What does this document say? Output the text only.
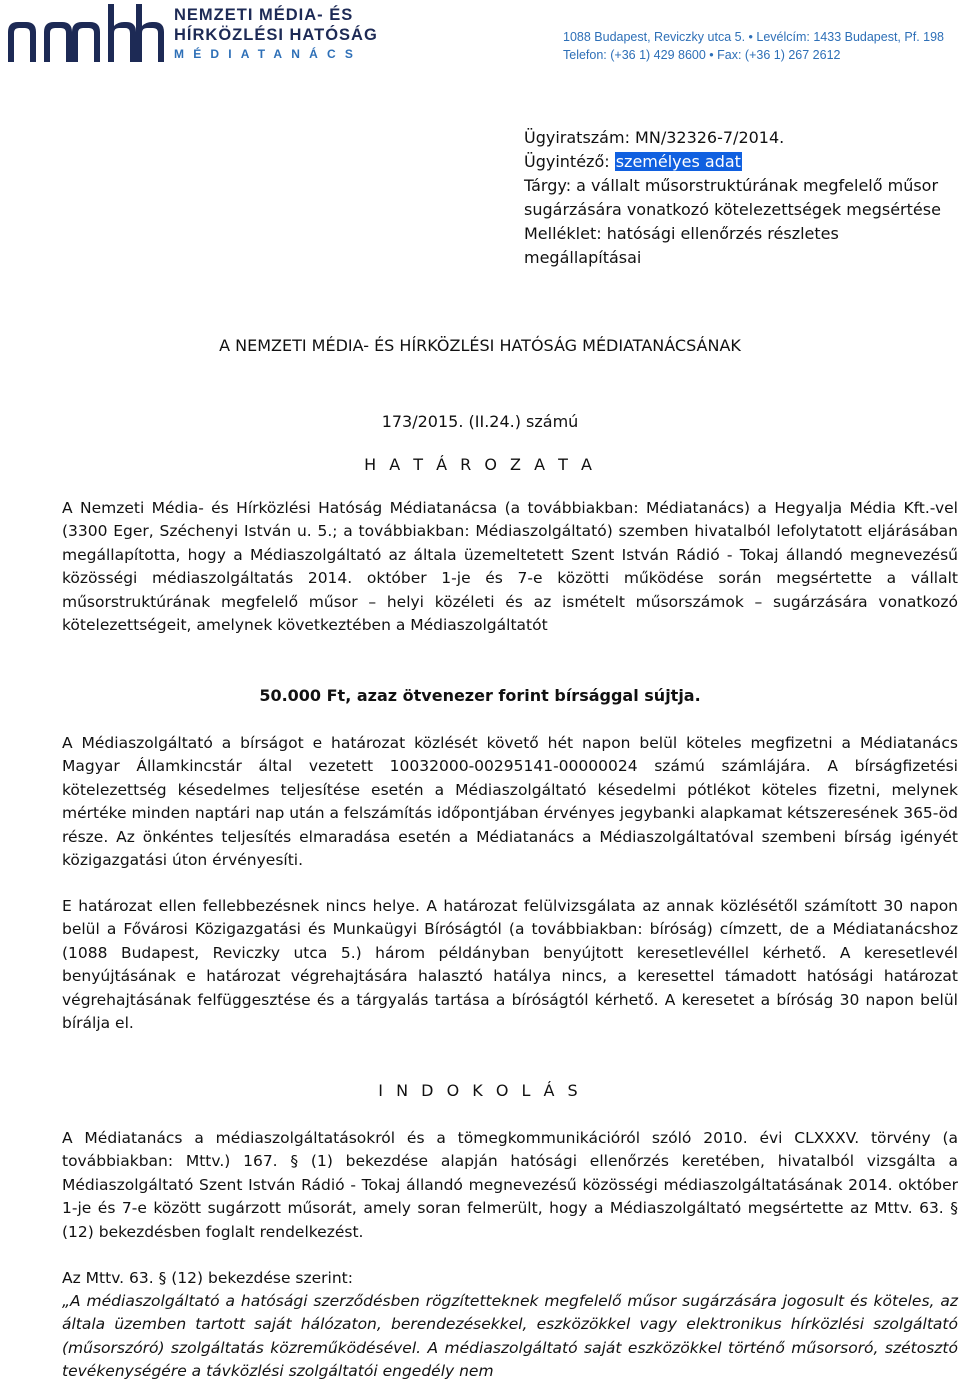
NEMZETI MÉDIA- ÉS
HÍRKÖZLÉSI HATÓSÁG
MÉDIATANÁCS
1088 Budapest, Reviczky utca 5. • Levélcím: 1433 Budapest, Pf. 198
Telefon: (+36 1) 429 8600 • Fax: (+36 1) 267 2612
Ügyiratszám: MN/32326-7/2014.
Ügyintéző: személyes adat
Tárgy: a vállalt műsorstruktúrának megfelelő műsor sugárzására vonatkozó kötelezettségek megsértése
Melléklet: hatósági ellenőrzés részletes megállapításai
A NEMZETI MÉDIA- ÉS HÍRKÖZLÉSI HATÓSÁG MÉDIATANÁCSÁNAK
173/2015. (II.24.) számú
H A T Á R O Z A T A
A Nemzeti Média- és Hírközlési Hatóság Médiatanácsa (a továbbiakban: Médiatanács) a Hegyalja Média Kft.-vel (3300 Eger, Széchenyi István u. 5.; a továbbiakban: Médiaszolgáltató) szemben hivatalból lefolytatott eljárásában megállapította, hogy a Médiaszolgáltató az általa üzemeltetett Szent István Rádió - Tokaj állandó megnevezésű közösségi médiaszolgáltatás 2014. október 1-je és 7-e közötti működése során megsértette a vállalt műsorstruktúrának megfelelő műsor – helyi közéleti és az ismételt műsorszámok – sugárzására vonatkozó kötelezettségeit, amelynek következtében a Médiaszolgáltatót
50.000 Ft, azaz ötvenezer forint bírsággal sújtja.
A Médiaszolgáltató a bírságot e határozat közlését követő hét napon belül köteles megfizetni a Médiatanács Magyar Államkincstár által vezetett 10032000-00295141-00000024 számú számlájára. A bírságfizetési kötelezettség késedelmes teljesítése esetén a Médiaszolgáltató késedelmi pótlékot köteles fizetni, melynek mértéke minden naptári nap után a felszámítás időpontjában érvényes jegybanki alapkamat kétszeresének 365-öd része. Az önkéntes teljesítés elmaradása esetén a Médiatanács a Médiaszolgáltatóval szembeni bírság igényét közigazgatási úton érvényesíti.
E határozat ellen fellebbezésnek nincs helye. A határozat felülvizsgálata az annak közlésétől számított 30 napon belül a Fővárosi Közigazgatási és Munkaügyi Bíróságtól (a továbbiakban: bíróság) címzett, de a Médiatanácshoz (1088 Budapest, Reviczky utca 5.) három példányban benyújtott keresetlevéllel kérhető. A keresetlevél benyújtásának e határozat végrehajtására halasztó hatálya nincs, a keresettel támadott hatósági határozat végrehajtásának felfüggesztése és a tárgyalás tartása a bíróságtól kérhető. A keresetet a bíróság 30 napon belül bírálja el.
I N D O K O L Á S
A Médiatanács a médiaszolgáltatásokról és a tömegkommunikációról szóló 2010. évi CLXXXV. törvény (a továbbiakban: Mttv.) 167. § (1) bekezdése alapján hatósági ellenőrzés keretében, hivatalból vizsgálta a Médiaszolgáltató Szent István Rádió - Tokaj állandó megnevezésű közösségi médiaszolgáltatásának 2014. október 1-je és 7-e között sugárzott műsorát, amely soran felmerült, hogy a Médiaszolgáltató megsértette az Mttv. 63. § (12) bekezdésben foglalt rendelkezést.
Az Mttv. 63. § (12) bekezdése szerint:
„A médiaszolgáltató a hatósági szerződésben rögzítetteknek megfelelő műsor sugárzására jogosult és köteles, az általa üzemben tartott saját hálózaton, berendezésekkel, eszközökkel vagy elektronikus hírközlési szolgáltató (műsorszóró) szolgáltatás közreműködésével. A médiaszolgáltató saját eszközökkel történő műsorsoró, szétosztó tevékenységére a távközlési szolgáltatói engedély nem
